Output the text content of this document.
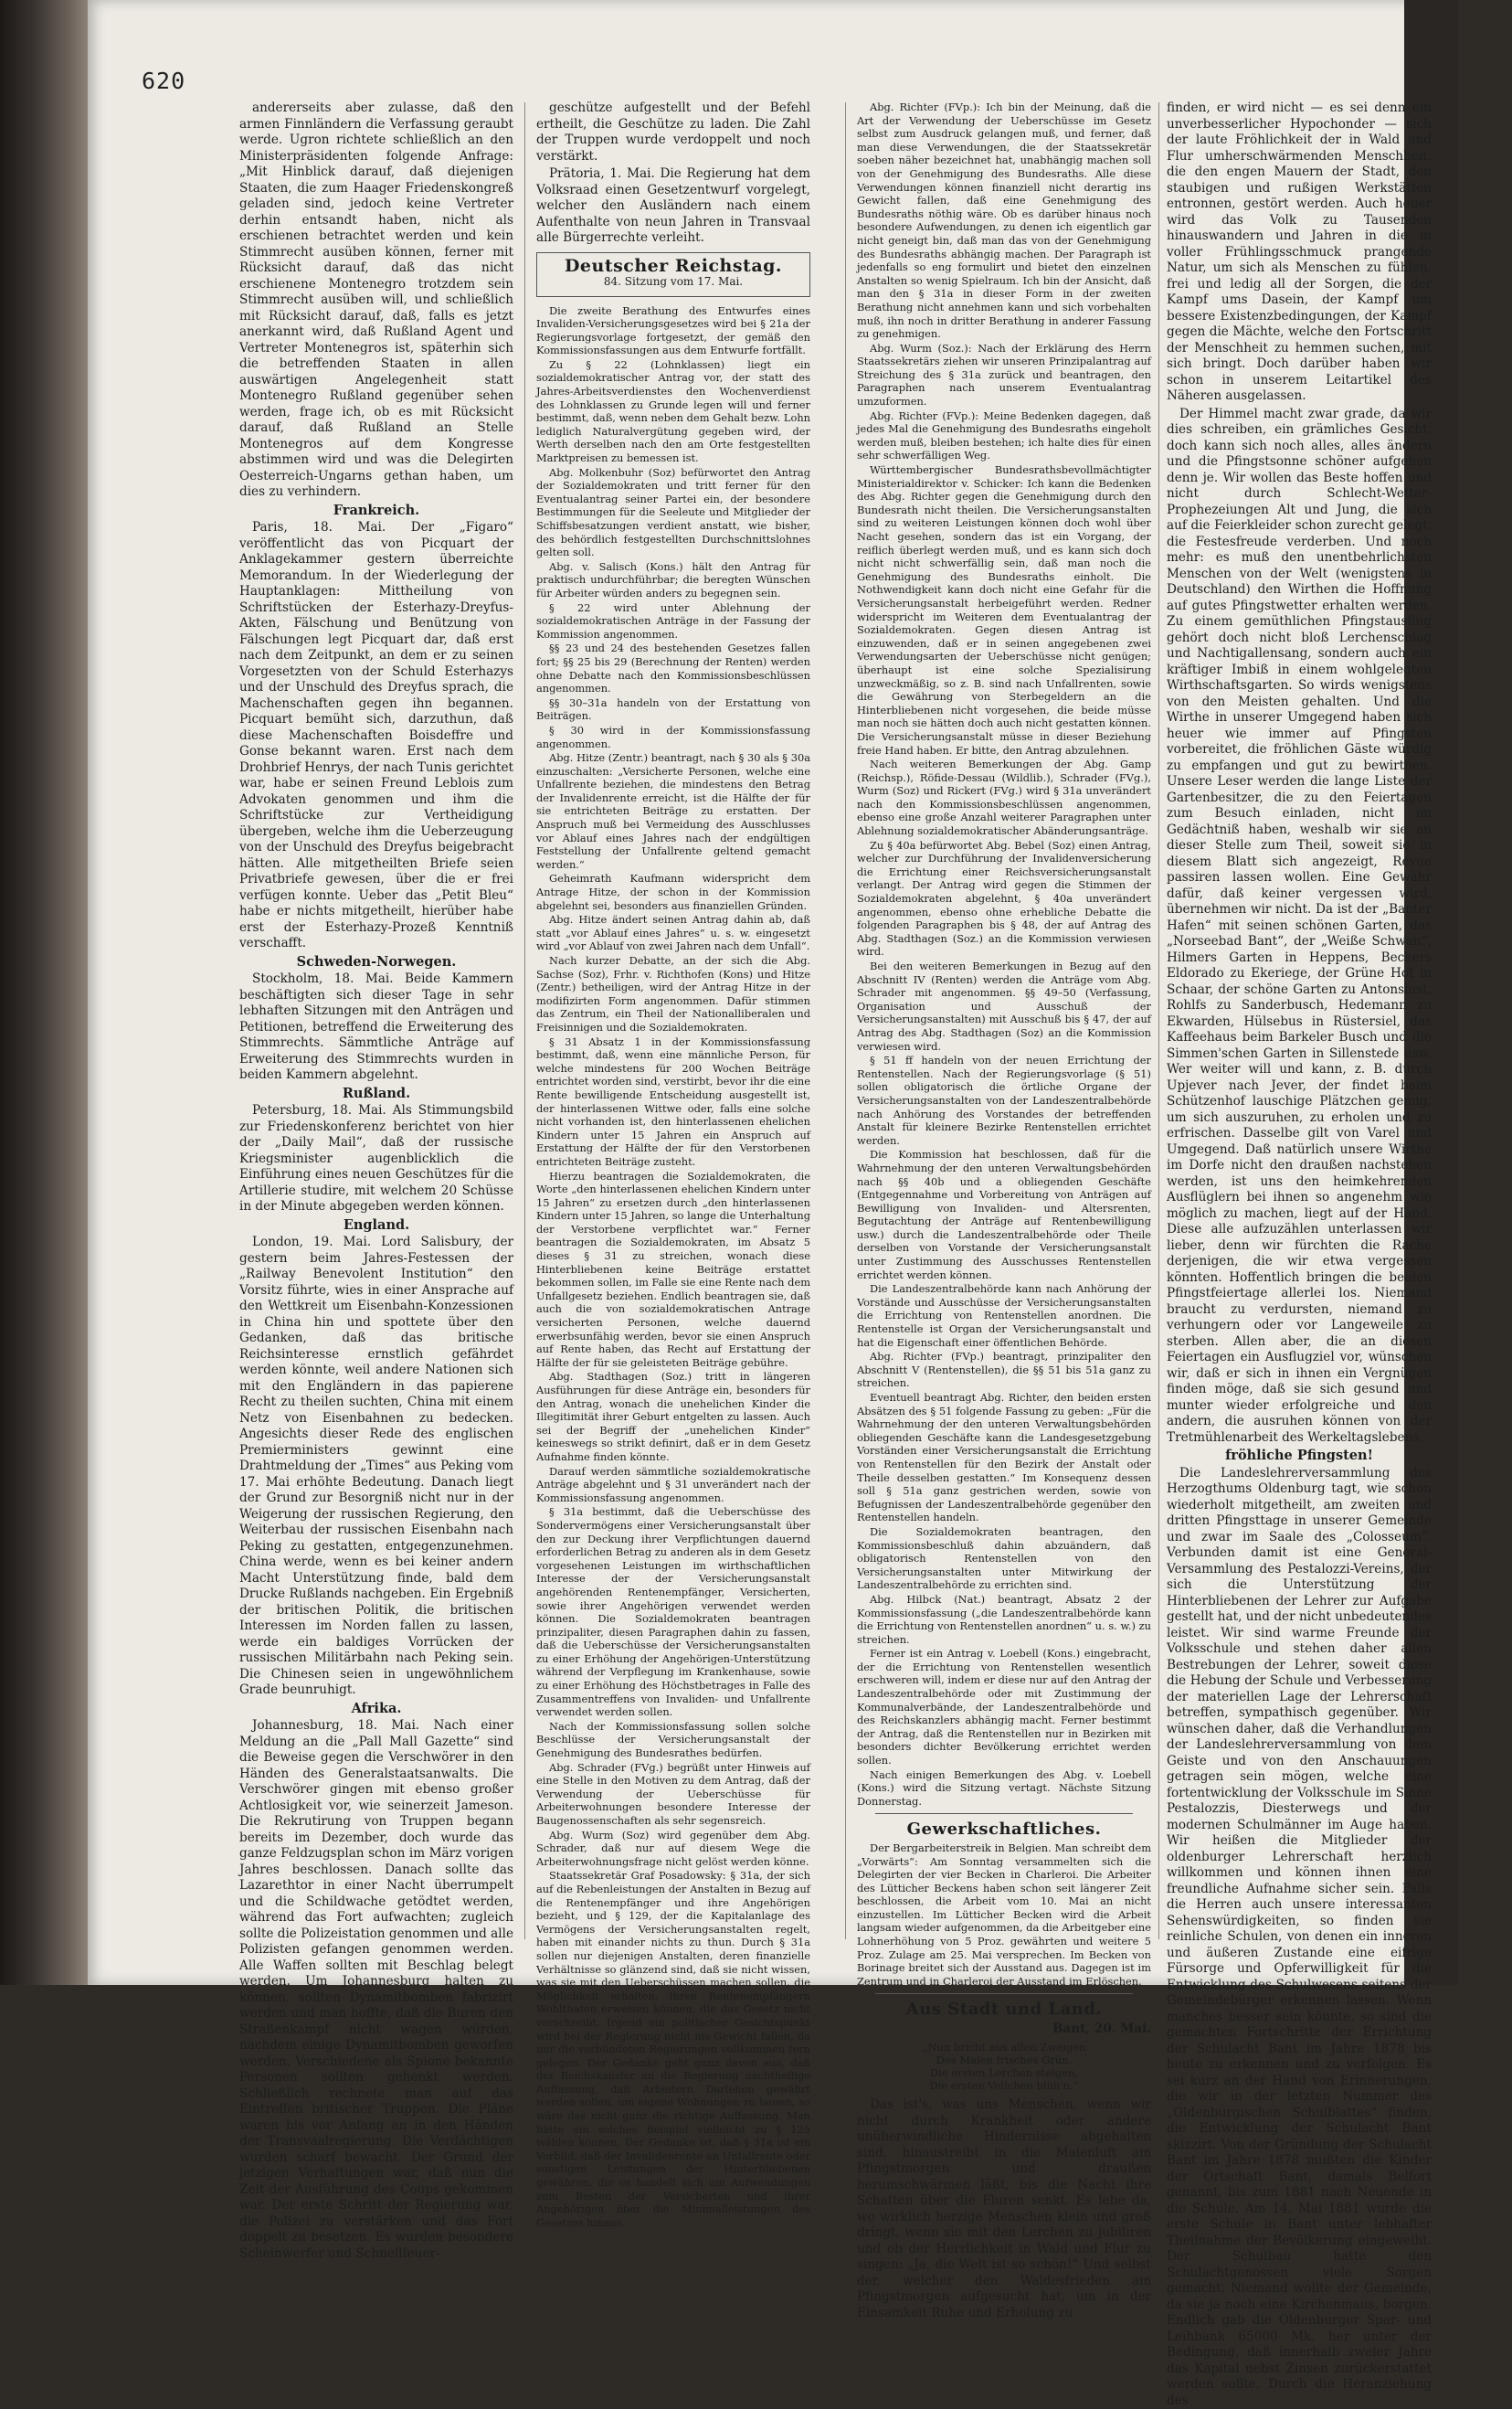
620

andererseits aber zulasse, daß den armen Finnländern die Verfassung geraubt werde. Ugron richtete schließlich an den Ministerpräsidenten folgende Anfrage: „Mit Hinblick darauf, daß diejenigen Staaten, die zum Haager Friedenskongreß geladen sind, jedoch keine Vertreter derhin entsandt haben, nicht als erschienen betrachtet werden und kein Stimmrecht ausüben können, ferner mit Rücksicht darauf, daß das nicht erschienene Montenegro trotzdem sein Stimmrecht ausüben will, und schließlich mit Rücksicht darauf, daß, falls es jetzt anerkannt wird, daß Rußland Agent und Vertreter Montenegros ist, späterhin sich die betreffenden Staaten in allen auswärtigen Angelegenheit statt Montenegro Rußland gegenüber sehen werden, frage ich, ob es mit Rücksicht darauf, daß Rußland an Stelle Montenegros auf dem Kongresse abstimmen wird und was die Delegirten Oesterreich-Ungarns gethan haben, um dies zu verhindern.

Frankreich.

Paris, 18. Mai. Der „Figaro“ veröffentlicht das von Picquart der Anklagekammer gestern überreichte Memorandum. In der Wiederlegung der Hauptanklagen: Mittheilung von Schriftstücken der Esterhazy-Dreyfus-Akten, Fälschung und Benützung von Fälschungen legt Picquart dar, daß erst nach dem Zeitpunkt, an dem er zu seinen Vorgesetzten von der Schuld Esterhazys und der Unschuld des Dreyfus sprach, die Machenschaften gegen ihn begannen. Picquart bemüht sich, darzuthun, daß diese Machenschaften Boisdeffre und Gonse bekannt waren. Erst nach dem Drohbrief Henrys, der nach Tunis gerichtet war, habe er seinen Freund Leblois zum Advokaten genommen und ihm die Schriftstücke zur Vertheidigung übergeben, welche ihm die Ueberzeugung von der Unschuld des Dreyfus beigebracht hätten. Alle mitgetheilten Briefe seien Privatbriefe gewesen, über die er frei verfügen konnte. Ueber das „Petit Bleu“ habe er nichts mitgetheilt, hierüber habe erst der Esterhazy-Prozeß Kenntniß verschafft.

Schweden-Norwegen.

Stockholm, 18. Mai. Beide Kammern beschäftigten sich dieser Tage in sehr lebhaften Sitzungen mit den Anträgen und Petitionen, betreffend die Erweiterung des Stimmrechts. Sämmtliche Anträge auf Erweiterung des Stimmrechts wurden in beiden Kammern abgelehnt.

Rußland.

Petersburg, 18. Mai. Als Stimmungsbild zur Friedenskonferenz berichtet von hier der „Daily Mail“, daß der russische Kriegsminister augenblicklich die Einführung eines neuen Geschützes für die Artillerie studire, mit welchem 20 Schüsse in der Minute abgegeben werden können.

England.

London, 19. Mai. Lord Salisbury, der gestern beim Jahres-Festessen der „Railway Benevolent Institution“ den Vorsitz führte, wies in einer Ansprache auf den Wettkreit um Eisenbahn-Konzessionen in China hin und spottete über den Gedanken, daß das britische Reichsinteresse ernstlich gefährdet werden könnte, weil andere Nationen sich mit den Engländern in das papierene Recht zu theilen suchten, China mit einem Netz von Eisenbahnen zu bedecken. Angesichts dieser Rede des englischen Premierministers gewinnt eine Drahtmeldung der „Times“ aus Peking vom 17. Mai erhöhte Bedeutung. Danach liegt der Grund zur Besorgniß nicht nur in der Weigerung der russischen Regierung, den Weiterbau der russischen Eisenbahn nach Peking zu gestatten, entgegenzunehmen. China werde, wenn es bei keiner andern Macht Unterstützung finde, bald dem Drucke Rußlands nachgeben. Ein Ergebniß der britischen Politik, die britischen Interessen im Norden fallen zu lassen, werde ein baldiges Vorrücken der russischen Militärbahn nach Peking sein. Die Chinesen seien in ungewöhnlichem Grade beunruhigt.

Afrika.

Johannesburg, 18. Mai. Nach einer Meldung an die „Pall Mall Gazette“ sind die Beweise gegen die Verschwörer in den Händen des Generalstaatsanwalts. Die Verschwörer gingen mit ebenso großer Achtlosigkeit vor, wie seinerzeit Jameson. Die Rekrutirung von Truppen begann bereits im Dezember, doch wurde das ganze Feldzugsplan schon im März vorigen Jahres beschlossen. Danach sollte das Lazarethtor in einer Nacht überrumpelt und die Schildwache getödtet werden, während das Fort aufwachten; zugleich sollte die Polizeistation genommen und alle Polizisten gefangen genommen werden. Alle Waffen sollten mit Beschlag belegt werden. Um Johannesburg halten zu können, sollten Dynamitbomben fabrizirt werden und man hoffte, daß die Buren den Straßenkampf nicht wagen würden, nachdem einige Dynamitbomben geworfen werden. Verschiedene als Spione bekannte Personen sollten gehenkt werden. Schließlich rechnete man auf das Eintreffen britischer Truppen. Die Pläne waren bis vor Anfang an in den Händen der Transvaalregierung. Die Verdächtigen wurden scharf bewacht. Der Grund der jetzigen Verhaftungen war, daß nun die Zeit der Ausführung des Coups gekommen war. Der erste Schritt der Regierung war, die Polizei zu verstärken und das Fort doppelt zu besetzen. Es wurden besondere Scheinwerfer und Schnellfeuer-

geschütze aufgestellt und der Befehl ertheilt, die Geschütze zu laden. Die Zahl der Truppen wurde verdoppelt und noch verstärkt.

Prätoria, 1. Mai. Die Regierung hat dem Volksraad einen Gesetzentwurf vorgelegt, welcher den Ausländern nach einem Aufenthalte von neun Jahren in Transvaal alle Bürgerrechte verleiht.

Deutscher Reichstag.
84. Sitzung vom 17. Mai.

Die zweite Berathung des Entwurfes eines Invaliden-Versicherungsgesetzes wird bei § 21a der Regierungsvorlage fortgesetzt, der gemäß den Kommissionsfassungen aus dem Entwurfe fortfällt.

Zu § 22 (Lohnklassen) liegt ein sozialdemokratischer Antrag vor, der statt des Jahres-Arbeitsverdienstes den Wochenverdienst des Lohnklassen zu Grunde legen will und ferner bestimmt, daß, wenn neben dem Gehalt bezw. Lohn lediglich Naturalvergütung gegeben wird, der Werth derselben nach den am Orte festgestellten Marktpreisen zu bemessen ist.

Abg. Molkenbuhr (Soz) befürwortet den Antrag der Sozialdemokraten und tritt ferner für den Eventualantrag seiner Partei ein, der besondere Bestimmungen für die Seeleute und Mitglieder der Schiffsbesatzungen verdient anstatt, wie bisher, des behördlich festgestellten Durchschnittslohnes gelten soll.

Abg. v. Salisch (Kons.) hält den Antrag für praktisch undurchführbar; die beregten Wünschen für Arbeiter würden anders zu begegnen sein.

§ 22 wird unter Ablehnung der sozialdemokratischen Anträge in der Fassung der Kommission angenommen.

§§ 23 und 24 des bestehenden Gesetzes fallen fort; §§ 25 bis 29 (Berechnung der Renten) werden ohne Debatte nach den Kommissionsbeschlüssen angenommen.

§§ 30–31a handeln von der Erstattung von Beiträgen.

§ 30 wird in der Kommissionsfassung angenommen.

Abg. Hitze (Zentr.) beantragt, nach § 30 als § 30a einzuschalten: „Versicherte Personen, welche eine Unfallrente beziehen, die mindestens den Betrag der Invalidenrente erreicht, ist die Hälfte der für sie entrichteten Beiträge zu erstatten. Der Anspruch muß bei Vermeidung des Ausschlusses vor Ablauf eines Jahres nach der endgültigen Feststellung der Unfallrente geltend gemacht werden.“

Geheimrath Kaufmann widerspricht dem Antrage Hitze, der schon in der Kommission abgelehnt sei, besonders aus finanziellen Gründen.

Abg. Hitze ändert seinen Antrag dahin ab, daß statt „vor Ablauf eines Jahres“ u. s. w. eingesetzt wird „vor Ablauf von zwei Jahren nach dem Unfall“.

Nach kurzer Debatte, an der sich die Abg. Sachse (Soz), Frhr. v. Richthofen (Kons) und Hitze (Zentr.) betheiligen, wird der Antrag Hitze in der modifizirten Form angenommen. Dafür stimmen das Zentrum, ein Theil der Nationalliberalen und Freisinnigen und die Sozialdemokraten.

§ 31 Absatz 1 in der Kommissionsfassung bestimmt, daß, wenn eine männliche Person, für welche mindestens für 200 Wochen Beiträge entrichtet worden sind, verstirbt, bevor ihr die eine Rente bewilligende Entscheidung ausgestellt ist, der hinterlassenen Wittwe oder, falls eine solche nicht vorhanden ist, den hinterlassenen ehelichen Kindern unter 15 Jahren ein Anspruch auf Erstattung der Hälfte der für den Verstorbenen entrichteten Beiträge zusteht.

Hierzu beantragen die Sozialdemokraten, die Worte „den hinterlassenen ehelichen Kindern unter 15 Jahren“ zu ersetzen durch „den hinterlassenen Kindern unter 15 Jahren, so lange die Unterhaltung der Verstorbene verpflichtet war.“ Ferner beantragen die Sozialdemokraten, im Absatz 5 dieses § 31 zu streichen, wonach diese Hinterbliebenen keine Beiträge erstattet bekommen sollen, im Falle sie eine Rente nach dem Unfallgesetz beziehen. Endlich beantragen sie, daß auch die von sozialdemokratischen Antrage versicherten Personen, welche dauernd erwerbsunfähig werden, bevor sie einen Anspruch auf Rente haben, das Recht auf Erstattung der Hälfte der für sie geleisteten Beiträge gebühre.

Abg. Stadthagen (Soz.) tritt in längeren Ausführungen für diese Anträge ein, besonders für den Antrag, wonach die unehelichen Kinder die Illegitimität ihrer Geburt entgelten zu lassen. Auch sei der Begriff der „unehelichen Kinder“ keineswegs so strikt definirt, daß er in dem Gesetz Aufnahme finden könnte.

Darauf werden sämmtliche sozialdemokratische Anträge abgelehnt und § 31 unverändert nach der Kommissionsfassung angenommen.

§ 31a bestimmt, daß die Ueberschüsse des Sondervermögens einer Versicherungsanstalt über den zur Deckung ihrer Verpflichtungen dauernd erforderlichen Betrag zu anderen als in dem Gesetz vorgesehenen Leistungen im wirthschaftlichen Interesse der der Versicherungsanstalt angehörenden Rentenempfänger, Versicherten, sowie ihrer Angehörigen verwendet werden können. Die Sozialdemokraten beantragen prinzipaliter, diesen Paragraphen dahin zu fassen, daß die Ueberschüsse der Versicherungsanstalten zu einer Erhöhung der Angehörigen-Unterstützung während der Verpflegung im Krankenhause, sowie zu einer Erhöhung des Höchstbetrages in Falle des Zusammentreffens von Invaliden- und Unfallrente verwendet werden sollen.

Nach der Kommissionsfassung sollen solche Beschlüsse der Versicherungsanstalt der Genehmigung des Bundesrathes bedürfen.

Abg. Schrader (FVg.) begrüßt unter Hinweis auf eine Stelle in den Motiven zu dem Antrag, daß der Verwendung der Ueberschüsse für Arbeiterwohnungen besondere Interesse der Baugenossenschaften als sehr segensreich.

Abg. Wurm (Soz) wird gegenüber dem Abg. Schrader, daß nur auf diesem Wege die Arbeiterwohnungsfrage nicht gelöst werden könne.

Staatssekretär Graf Posadowsky: § 31a, der sich auf die Rebenleistungen der Anstalten in Bezug auf die Rentenempfänger und ihre Angehörigen bezieht, und § 129, der die Kapitalanlage des Vermögens der Versicherungsanstalten regelt, haben mit einander nichts zu thun. Durch § 31a sollen nur diejenigen Anstalten, deren finanzielle Verhältnisse so glänzend sind, daß sie nicht wissen, was sie mit den Ueberschüssen machen sollen, die Möglichkeit erhalten, ihren Rentenempfängern Wohlthaten erweisen können, die das Gesetz nicht vorschreibt. Irgend ein politischer Gesichtspunkt wird bei der Regierung nicht ins Gewicht fallen, da nur die verbündeten Regierungen vollkommen fern gelegen. Der Gedanke geht ganz davon aus, daß der Reichskanzler an die Regierung nachtheilige Auffassung, daß Arbeitern Darlehen gewährt werden sollen, um eigene Wohnungen zu bauen, so wäre das nicht ganz die richtige Auffassung. Man hätte ein solches Beispiel vielleicht zu § 125 wählen können. Der Gedanke ist, daß § 31a ist ein Vorbild, daß der Invalidenrente an Unfallrente oder sonstigen Leistungen der Hinterbliebenen gewähren, die es handelt sich um Aufwendungen zum Besten der Versicherten und ihrer Angehörigen über die Minimalleistungen des Gesetzes hinaus.

Abg. Richter (FVp.): Ich bin der Meinung, daß die Art der Verwendung der Ueberschüsse im Gesetz selbst zum Ausdruck gelangen muß, und ferner, daß man diese Verwendungen, die der Staatssekretär soeben näher bezeichnet hat, unabhängig machen soll von der Genehmigung des Bundesraths. Alle diese Verwendungen können finanziell nicht derartig ins Gewicht fallen, daß eine Genehmigung des Bundesraths nöthig wäre. Ob es darüber hinaus noch besondere Aufwendungen, zu denen ich eigentlich gar nicht geneigt bin, daß man das von der Genehmigung des Bundesraths abhängig machen. Der Paragraph ist jedenfalls so eng formulirt und bietet den einzelnen Anstalten so wenig Spielraum. Ich bin der Ansicht, daß man den § 31a in dieser Form in der zweiten Berathung nicht annehmen kann und sich vorbehalten muß, ihn noch in dritter Berathung in anderer Fassung zu genehmigen.

Abg. Wurm (Soz.): Nach der Erklärung des Herrn Staatssekretärs ziehen wir unseren Prinzipalantrag auf Streichung des § 31a zurück und beantragen, den Paragraphen nach unserem Eventualantrag umzuformen.

Abg. Richter (FVp.): Meine Bedenken dagegen, daß jedes Mal die Genehmigung des Bundesraths eingeholt werden muß, bleiben bestehen; ich halte dies für einen sehr schwerfälligen Weg.

Württembergischer Bundesrathsbevollmächtigter Ministerialdirektor v. Schicker: Ich kann die Bedenken des Abg. Richter gegen die Genehmigung durch den Bundesrath nicht theilen. Die Versicherungsanstalten sind zu weiteren Leistungen können doch wohl über Nacht gesehen, sondern das ist ein Vorgang, der reiflich überlegt werden muß, und es kann sich doch nicht nicht schwerfällig sein, daß man noch die Genehmigung des Bundesraths einholt. Die Nothwendigkeit kann doch nicht eine Gefahr für die Versicherungsanstalt herbeigeführt werden. Redner widerspricht im Weiteren dem Eventualantrag der Sozialdemokraten. Gegen diesen Antrag ist einzuwenden, daß er in seinen angegebenen zwei Verwendungsarten der Ueberschüsse nicht genügen; überhaupt ist eine solche Spezialisirung unzweckmäßig, so z. B. sind nach Unfallrenten, sowie die Gewährung von Sterbegeldern an die Hinterbliebenen nicht vorgesehen, die beide müsse man noch sie hätten doch auch nicht gestatten können. Die Versicherungsanstalt müsse in dieser Beziehung freie Hand haben. Er bitte, den Antrag abzulehnen.

Nach weiteren Bemerkungen der Abg. Gamp (Reichsp.), Röfide-Dessau (Wildlib.), Schrader (FVg.), Wurm (Soz) und Rickert (FVg.) wird § 31a unverändert nach den Kommissionsbeschlüssen angenommen, ebenso eine große Anzahl weiterer Paragraphen unter Ablehnung sozialdemokratischer Abänderungsanträge.

Zu § 40a befürwortet Abg. Bebel (Soz) einen Antrag, welcher zur Durchführung der Invalidenversicherung die Errichtung einer Reichsversicherungsanstalt verlangt. Der Antrag wird gegen die Stimmen der Sozialdemokraten abgelehnt, § 40a unverändert angenommen, ebenso ohne erhebliche Debatte die folgenden Paragraphen bis § 48, der auf Antrag des Abg. Stadthagen (Soz.) an die Kommission verwiesen wird.

Bei den weiteren Bemerkungen in Bezug auf den Abschnitt IV (Renten) werden die Anträge vom Abg. Schrader mit angenommen. §§ 49–50 (Verfassung, Organisation und Ausschuß der Versicherungsanstalten) mit Ausschuß bis § 47, der auf Antrag des Abg. Stadthagen (Soz) an die Kommission verwiesen wird.

§ 51 ff handeln von der neuen Errichtung der Rentenstellen. Nach der Regierungsvorlage (§ 51) sollen obligatorisch die örtliche Organe der Versicherungsanstalten von der Landeszentralbehörde nach Anhörung des Vorstandes der betreffenden Anstalt für kleinere Bezirke Rentenstellen errichtet werden.

Die Kommission hat beschlossen, daß für die Wahrnehmung der den unteren Verwaltungsbehörden nach §§ 40b und a obliegenden Geschäfte (Entgegennahme und Vorbereitung von Anträgen auf Bewilligung von Invaliden- und Altersrenten, Begutachtung der Anträge auf Rentenbewilligung usw.) durch die Landeszentralbehörde oder Theile derselben von Vorstande der Versicherungsanstalt unter Zustimmung des Ausschusses Rentenstellen errichtet werden können.

Die Landeszentralbehörde kann nach Anhörung der Vorstände und Ausschüsse der Versicherungsanstalten die Errichtung von Rentenstellen anordnen. Die Rentenstelle ist Organ der Versicherungsanstalt und hat die Eigenschaft einer öffentlichen Behörde.

Abg. Richter (FVp.) beantragt, prinzipaliter den Abschnitt V (Rentenstellen), die §§ 51 bis 51a ganz zu streichen.

Eventuell beantragt Abg. Richter, den beiden ersten Absätzen des § 51 folgende Fassung zu geben: „Für die Wahrnehmung der den unteren Verwaltungsbehörden obliegenden Geschäfte kann die Landesgesetzgebung Vorständen einer Versicherungsanstalt die Errichtung von Rentenstellen für den Bezirk der Anstalt oder Theile desselben gestatten.“ Im Konsequenz dessen soll § 51a ganz gestrichen werden, sowie von Befugnissen der Landeszentralbehörde gegenüber den Rentenstellen handeln.

Die Sozialdemokraten beantragen, den Kommissionsbeschluß dahin abzuändern, daß obligatorisch Rentenstellen von den Versicherungsanstalten unter Mitwirkung der Landeszentralbehörde zu errichten sind.

Abg. Hilbck (Nat.) beantragt, Absatz 2 der Kommissionsfassung („die Landeszentralbehörde kann die Errichtung von Rentenstellen anordnen“ u. s. w.) zu streichen.

Ferner ist ein Antrag v. Loebell (Kons.) eingebracht, der die Errichtung von Rentenstellen wesentlich erschweren will, indem er diese nur auf den Antrag der Landeszentralbehörde oder mit Zustimmung der Kommunalverbände, der Landeszentralbehörde und des Reichskanzlers abhängig macht. Ferner bestimmt der Antrag, daß die Rentenstellen nur in Bezirken mit besonders dichter Bevölkerung errichtet werden sollen.

Nach einigen Bemerkungen des Abg. v. Loebell (Kons.) wird die Sitzung vertagt. Nächste Sitzung Donnerstag.

Gewerkschaftliches.

Der Bergarbeiterstreik in Belgien. Man schreibt dem „Vorwärts“: Am Sonntag versammelten sich die Delegirten der vier Becken in Charleroi. Die Arbeiter des Lütticher Beckens haben schon seit längerer Zeit beschlossen, die Arbeit vom 10. Mai an nicht einzustellen. Im Lütticher Becken wird die Arbeit langsam wieder aufgenommen, da die Arbeitgeber eine Lohnerhöhung von 5 Proz. gewährten und weitere 5 Proz. Zulage am 25. Mai versprechen. Im Becken von Borinage breitet sich der Ausstand aus. Dagegen ist im Zentrum und in Charleroi der Ausstand im Erlöschen.

Aus Stadt und Land.
Bant, 20. Mai.
„Nun bricht aus allen Zweigen
Des Maien frisches Grün.
Die ersten Lerchen steigen,
Die ersten Veilchen blüh'n.“

Das ist's, was uns Menschen, wenn wir nicht durch Krankheit oder andere unüberwindliche Hindernisse abgehalten sind, hinaustreibt in die Maienluft am Pfingstmorgen und draußen herumschwärmen läßt, bis die Nacht ihre Schatten über die Fluren senkt. Es lebe da, wo wirklich herzige Menschen klein und groß dringt, wenn sie mit den Lerchen zu jubiliren und ob der Herrlichkeit in Wald und Flur zu singen: „Ja, die Welt ist so schön!“ Und selbst der, welcher den Waldesfrieden am Pfingstmorgen aufgesucht hat, um in der Einsamkeit Ruhe und Erholung zu

finden, er wird nicht — es sei denn ein unverbesserlicher Hypochonder — sich der laute Fröhlichkeit der in Wald und Flur umherschwärmenden Menschheit, die den engen Mauern der Stadt, den staubigen und rußigen Werkstätten entronnen, gestört werden. Auch heuer wird das Volk zu Tausenden hinauswandern und Jahren in die in voller Frühlingsschmuck prangende Natur, um sich als Menschen zu fühlen, frei und ledig all der Sorgen, die der Kampf ums Dasein, der Kampf um bessere Existenzbedingungen, der Kampf gegen die Mächte, welche den Fortschritt der Menschheit zu hemmen suchen, mit sich bringt. Doch darüber haben wir schon in unserem Leitartikel des Näheren ausgelassen.

Der Himmel macht zwar grade, da wir dies schreiben, ein grämliches Gesicht, doch kann sich noch alles, alles ändern und die Pfingstsonne schöner aufgehen denn je. Wir wollen das Beste hoffen und nicht durch Schlecht-Wetter-Prophezeiungen Alt und Jung, die sich auf die Feierkleider schon zurecht gelegt, die Festesfreude verderben. Und noch mehr: es muß den unentbehrlichsten Menschen von der Welt (wenigstens in Deutschland) den Wirthen die Hoffnung auf gutes Pfingstwetter erhalten werden. Zu einem gemüthlichen Pfingstausflug gehört doch nicht bloß Lerchenschlag und Nachtigallensang, sondern auch ein kräftiger Imbiß in einem wohlgelegten Wirthschaftsgarten. So wirds wenigstens von den Meisten gehalten. Und die Wirthe in unserer Umgegend haben sich heuer wie immer auf Pfingsten vorbereitet, die fröhlichen Gäste würdig zu empfangen und gut zu bewirthen. Unsere Leser werden die lange Liste der Gartenbesitzer, die zu den Feiertagen zum Besuch einladen, nicht im Gedächtniß haben, weshalb wir sie an dieser Stelle zum Theil, soweit sie in diesem Blatt sich angezeigt, Revue passiren lassen wollen. Eine Gewähr dafür, daß keiner vergessen wird, übernehmen wir nicht. Da ist der „Banter Hafen“ mit seinen schönen Garten, das „Norseebad Bant“, der „Weiße Schwan“, Hilmers Garten in Heppens, Beckers Eldorado zu Ekeriege, der Grüne Hof in Schaar, der schöne Garten zu Antonslust, Rohlfs zu Sanderbusch, Hedemann zu Ekwarden, Hülsebus in Rüstersiel, das Kaffeehaus beim Barkeler Busch und die Simmen'schen Garten in Sillenstede usw. Wer weiter will und kann, z. B. durch Upjever nach Jever, der findet beim Schützenhof lauschige Plätzchen genug, um sich auszuruhen, zu erholen und zu erfrischen. Dasselbe gilt von Varel und Umgegend. Daß natürlich unsere Wirthe im Dorfe nicht den draußen nachstehen werden, ist uns den heimkehrenden Ausflüglern bei ihnen so angenehm wie möglich zu machen, liegt auf der Hand. Diese alle aufzuzählen unterlassen wir lieber, denn wir fürchten die Rache derjenigen, die wir etwa vergessen könnten. Hoffentlich bringen die beiden Pfingstfeiertage allerlei los. Niemand braucht zu verdursten, niemand zu verhungern oder vor Langeweile zu sterben. Allen aber, die an diesen Feiertagen ein Ausflugziel vor, wünschen wir, daß er sich in ihnen ein Vergnügen finden möge, daß sie sich gesund und munter wieder erfolgreiche und den andern, die ausruhen können von der Tretmühlenarbeit des Werkeltagslebens,

fröhliche Pfingsten!

Die Landeslehrerversammlung des Herzogthums Oldenburg tagt, wie schon wiederholt mitgetheilt, am zweiten und dritten Pfingsttage in unserer Gemeinde und zwar im Saale des „Colosseum“. Verbunden damit ist eine General-Versammlung des Pestalozzi-Vereins, der sich die Unterstützung der Hinterbliebenen der Lehrer zur Aufgabe gestellt hat, und der nicht unbedeutendes leistet. Wir sind warme Freunde der Volksschule und stehen daher allen Bestrebungen der Lehrer, soweit diese die Hebung der Schule und Verbesserung der materiellen Lage der Lehrerschaft betreffen, sympathisch gegenüber. Wir wünschen daher, daß die Verhandlungen der Landeslehrerversammlung von dem Geiste und von den Anschauungen getragen sein mögen, welche eine fortentwicklung der Volksschule im Sinne Pestalozzis, Diesterwegs und der modernen Schulmänner im Auge haben. Wir heißen die Mitglieder der oldenburger Lehrerschaft herzlich willkommen und können ihnen eine freundliche Aufnahme sicher sein. Falls die Herren auch unsere interessanten Sehenswürdigkeiten, so finden sie reinliche Schulen, von denen ein inneren und äußeren Zustande eine eifrige Fürsorge und Opferwilligkeit für die Entwicklung des Schulwesens seitens der Gemeindebürger erkennen lassen. Wenn manches besser sein könnte, so sind die gemachten Fortschritte der Errichtung der Schulacht Bant im Jahre 1878 bis heute zu erkennen und zu verfolgen. Es sei kurz an der Hand von Erinnerungen, die wir in der letzten Nummer des „Oldenburgischen Schulblattes“ finden, die Entwicklung der Schulacht Bant skizzirt. Von der Gründung der Schulacht Bant im Jahre 1878 mußten die Kinder der Ortschaft Bant, damals Belfort genannt, bis zum 1881 nach Neuende in die Schule. Am 14. Mai 1881 wurde die erste Schule in Bant unter lebhafter Theilnahme der Bevölkerung eingeweiht. Der Schulbau hatte den Schulachtgenossen viele Sorgen gemacht. Niemand wollte der Gemeinde, da sie ja noch eine Kirchenmaus, borgen. Endlich gab die Oldenburger Spar- und Leihbank 65000 Mk. her unter der Bedingung, daß innerhalb zweier Jahre das Kapital nebst Zinsen zurückerstattet werden sollte. Durch die Heranziehung des
